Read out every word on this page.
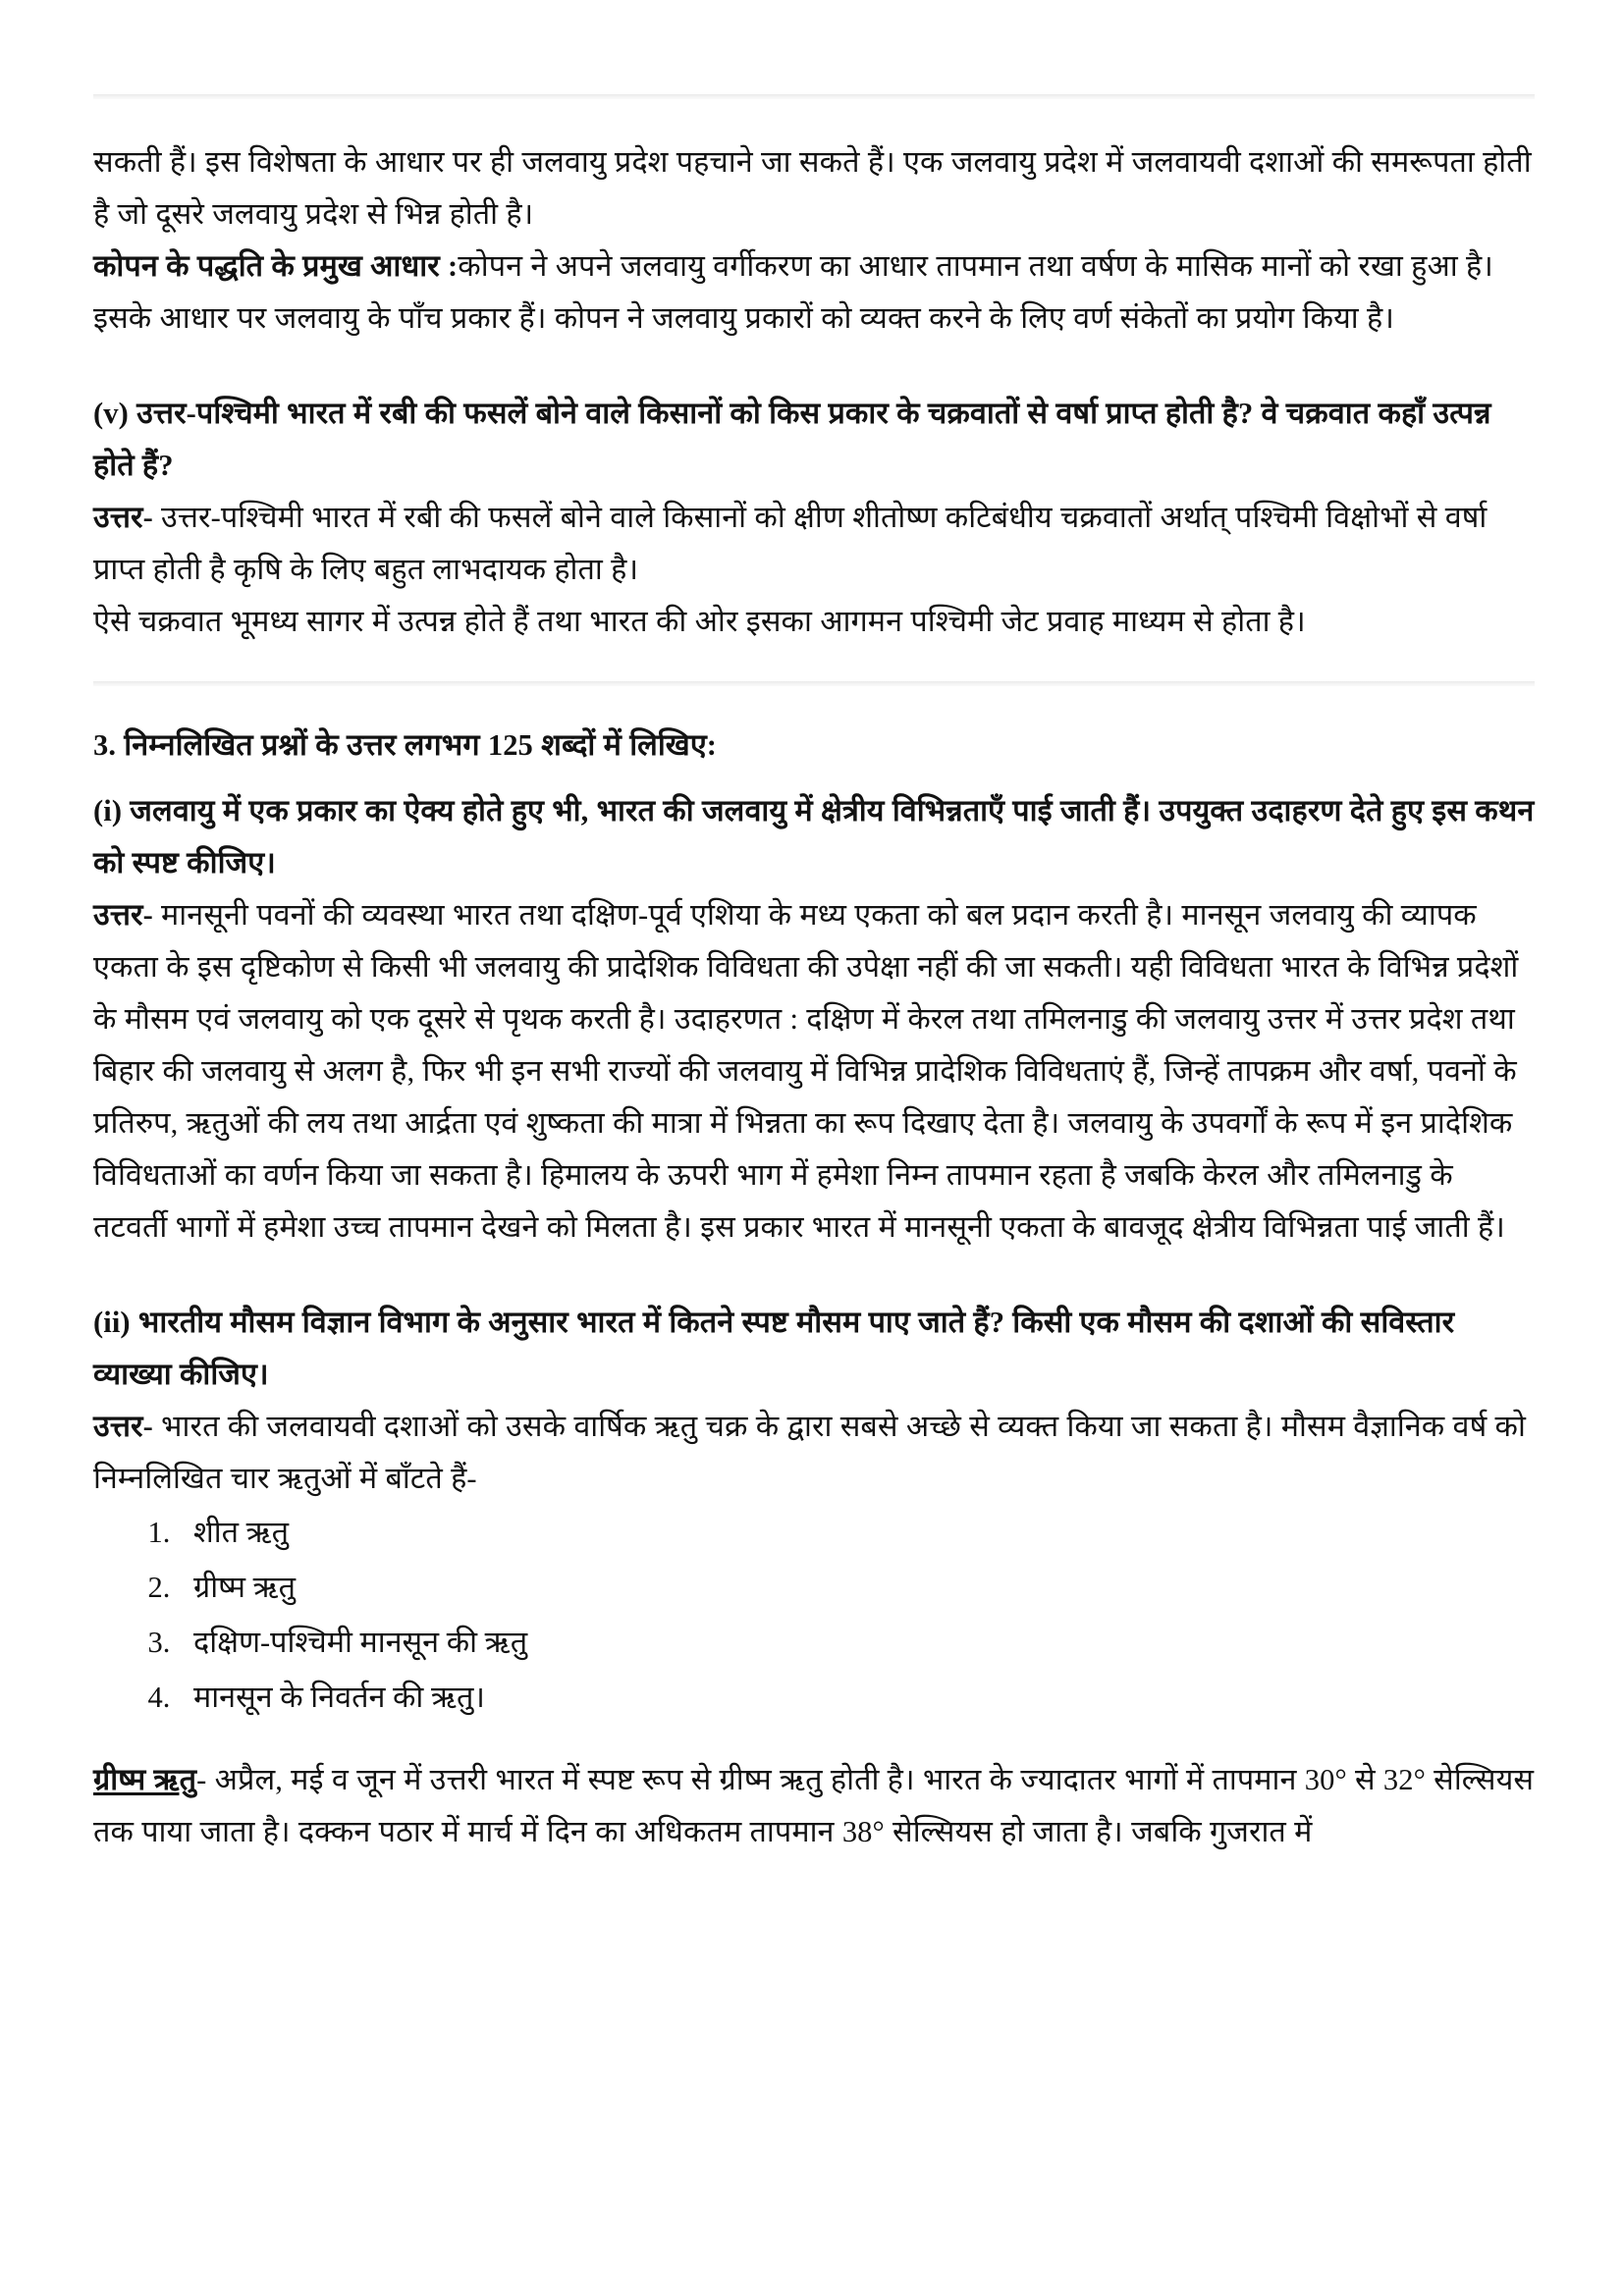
सकती हैं। इस विशेषता के आधार पर ही जलवायु प्रदेश पहचाने जा सकते हैं। एक जलवायु प्रदेश में जलवायवी दशाओं की समरूपता होती है जो दूसरे जलवायु प्रदेश से भिन्न होती है।

कोपन के पद्धति के प्रमुख आधार :कोपन ने अपने जलवायु वर्गीकरण का आधार तापमान तथा वर्षण के मासिक मानों को रखा हुआ है। इसके आधार पर जलवायु के पाँच प्रकार हैं। कोपन ने जलवायु प्रकारों को व्यक्त करने के लिए वर्ण संकेतों का प्रयोग किया है।

(v) उत्तर-पश्चिमी भारत में रबी की फसलें बोने वाले किसानों को किस प्रकार के चक्रवातों से वर्षा प्राप्त होती है? वे चक्रवात कहाँ उत्पन्न होते हैं?

उत्तर- उत्तर-पश्चिमी भारत में रबी की फसलें बोने वाले किसानों को क्षीण शीतोष्ण कटिबंधीय चक्रवातों अर्थात् पश्चिमी विक्षोभों से वर्षा प्राप्त होती है कृषि के लिए बहुत लाभदायक होता है।

ऐसे चक्रवात भूमध्य सागर में उत्पन्न होते हैं तथा भारत की ओर इसका आगमन पश्चिमी जेट प्रवाह माध्यम से होता है।

3. निम्नलिखित प्रश्नों के उत्तर लगभग 125 शब्दों में लिखिए:

(i) जलवायु में एक प्रकार का ऐक्य होते हुए भी, भारत की जलवायु में क्षेत्रीय विभिन्नताएँ पाई जाती हैं। उपयुक्त उदाहरण देते हुए इस कथन को स्पष्ट कीजिए।

उत्तर- मानसूनी पवनों की व्यवस्था भारत तथा दक्षिण-पूर्व एशिया के मध्य एकता को बल प्रदान करती है। मानसून जलवायु की व्यापक एकता के इस दृष्टिकोण से किसी भी जलवायु की प्रादेशिक विविधता की उपेक्षा नहीं की जा सकती। यही विविधता भारत के विभिन्न प्रदेशों के मौसम एवं जलवायु को एक दूसरे से पृथक करती है। उदाहरणत : दक्षिण में केरल तथा तमिलनाडु की जलवायु उत्तर में उत्तर प्रदेश तथा बिहार की जलवायु से अलग है, फिर भी इन सभी राज्यों की जलवायु में विभिन्न प्रादेशिक विविधताएं हैं, जिन्हें तापक्रम और वर्षा, पवनों के प्रतिरुप, ऋतुओं की लय तथा आर्द्रता एवं शुष्कता की मात्रा में भिन्नता का रूप दिखाए देता है। जलवायु के उपवर्गों के रूप में इन प्रादेशिक विविधताओं का वर्णन किया जा सकता है। हिमालय के ऊपरी भाग में हमेशा निम्न तापमान रहता है जबकि केरल और तमिलनाडु के तटवर्ती भागों में हमेशा उच्च तापमान देखने को मिलता है। इस प्रकार भारत में मानसूनी एकता के बावजूद क्षेत्रीय विभिन्नता पाई जाती हैं।

(ii) भारतीय मौसम विज्ञान विभाग के अनुसार भारत में कितने स्पष्ट मौसम पाए जाते हैं? किसी एक मौसम की दशाओं की सविस्तार व्याख्या कीजिए।

उत्तर- भारत की जलवायवी दशाओं को उसके वार्षिक ऋतु चक्र के द्वारा सबसे अच्छे से व्यक्त किया जा सकता है। मौसम वैज्ञानिक वर्ष को निम्नलिखित चार ऋतुओं में बाँटते हैं-

1. शीत ऋतु
2. ग्रीष्म ऋतु
3. दक्षिण-पश्चिमी मानसून की ऋतु
4. मानसून के निवर्तन की ऋतु।

ग्रीष्म ऋतु- अप्रैल, मई व जून में उत्तरी भारत में स्पष्ट रूप से ग्रीष्म ऋतु होती है। भारत के ज्यादातर भागों में तापमान 30° से 32° सेल्सियस तक पाया जाता है। दक्कन पठार में मार्च में दिन का अधिकतम तापमान 38° सेल्सियस हो जाता है। जबकि गुजरात में
